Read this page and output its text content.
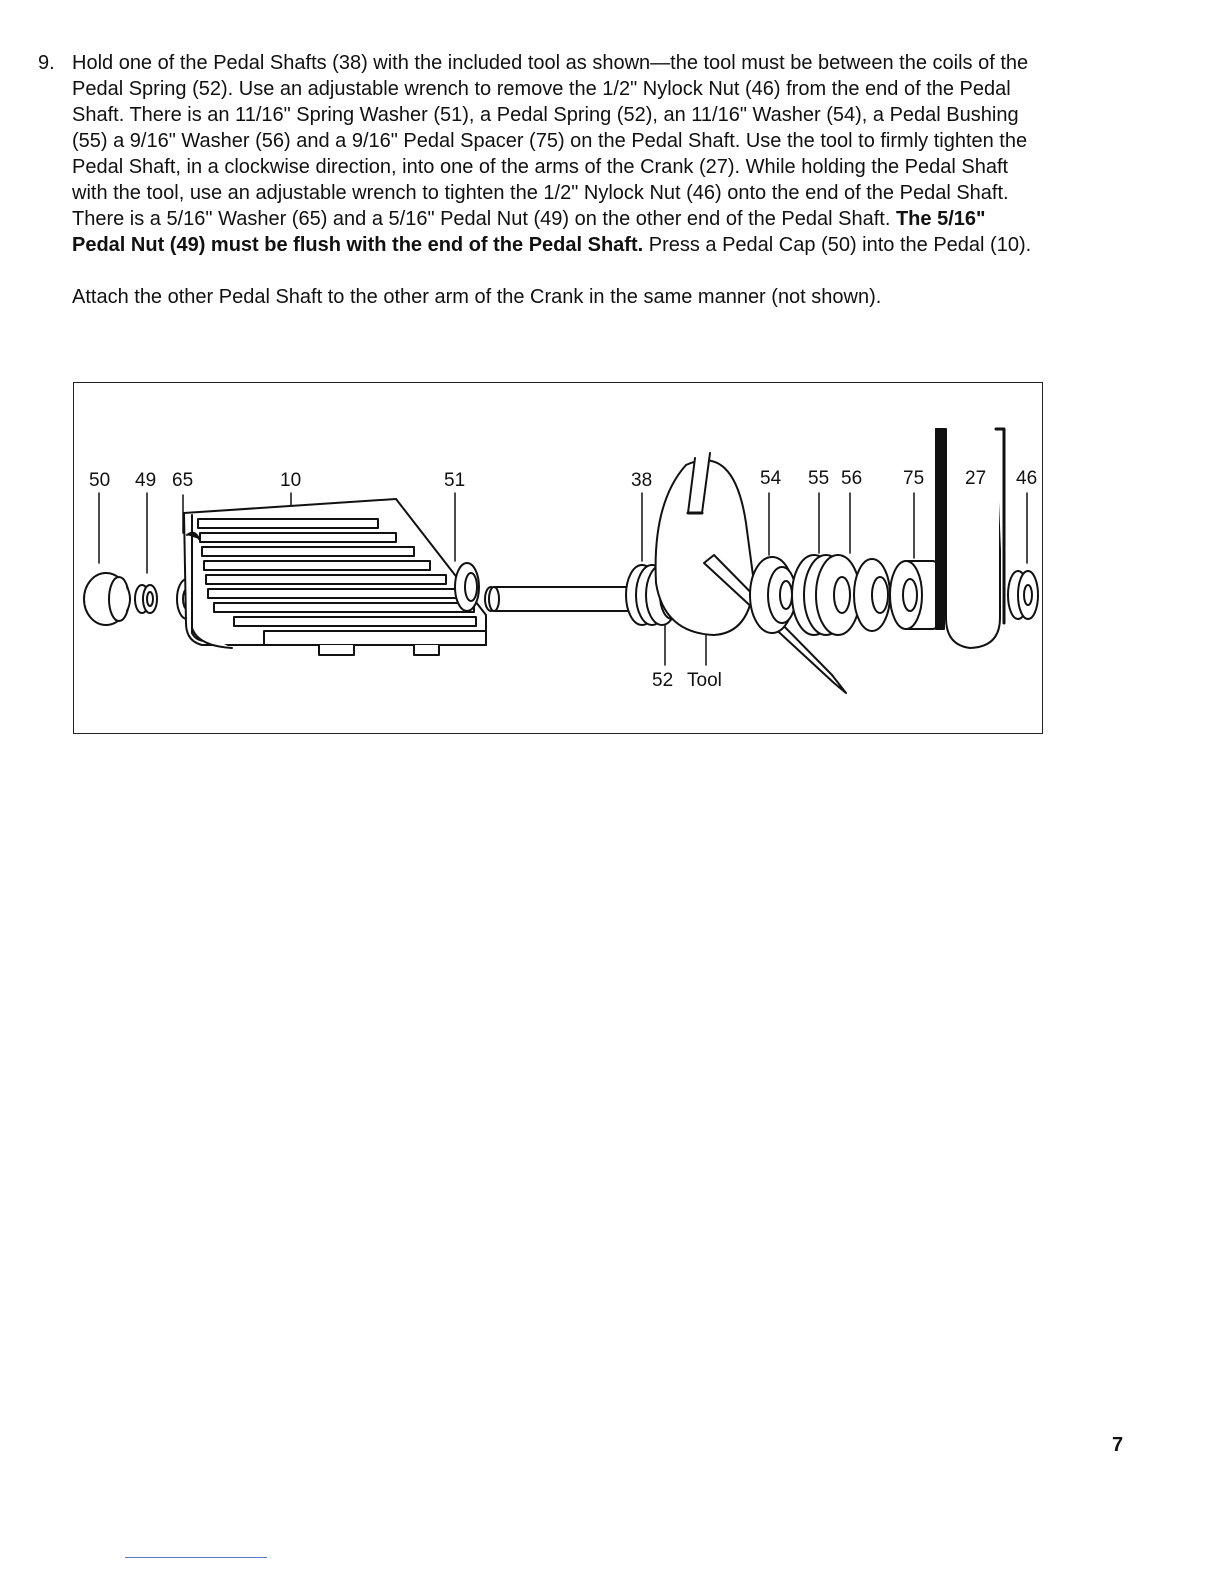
9. Hold one of the Pedal Shafts (38) with the included tool as shown—the tool must be between the coils of the Pedal Spring (52). Use an adjustable wrench to remove the 1/2" Nylock Nut (46) from the end of the Pedal Shaft. There is an 11/16" Spring Washer (51), a Pedal Spring (52), an 11/16" Washer (54), a Pedal Bushing (55) a 9/16" Washer (56) and a 9/16" Pedal Spacer (75) on the Pedal Shaft. Use the tool to firmly tighten the Pedal Shaft, in a clockwise direction, into one of the arms of the Crank (27). While holding the Pedal Shaft with the tool, use an adjustable wrench to tighten the 1/2" Nylock Nut (46) onto the end of the Pedal Shaft. There is a 5/16" Washer (65) and a 5/16" Pedal Nut (49) on the other end of the Pedal Shaft. The 5/16" Pedal Nut (49) must be flush with the end of the Pedal Shaft. Press a Pedal Cap (50) into the Pedal (10).

Attach the other Pedal Shaft to the other arm of the Crank in the same manner (not shown).

50 49 65	10	51	38	54 55 56 75 27 46
52 Tool
7
